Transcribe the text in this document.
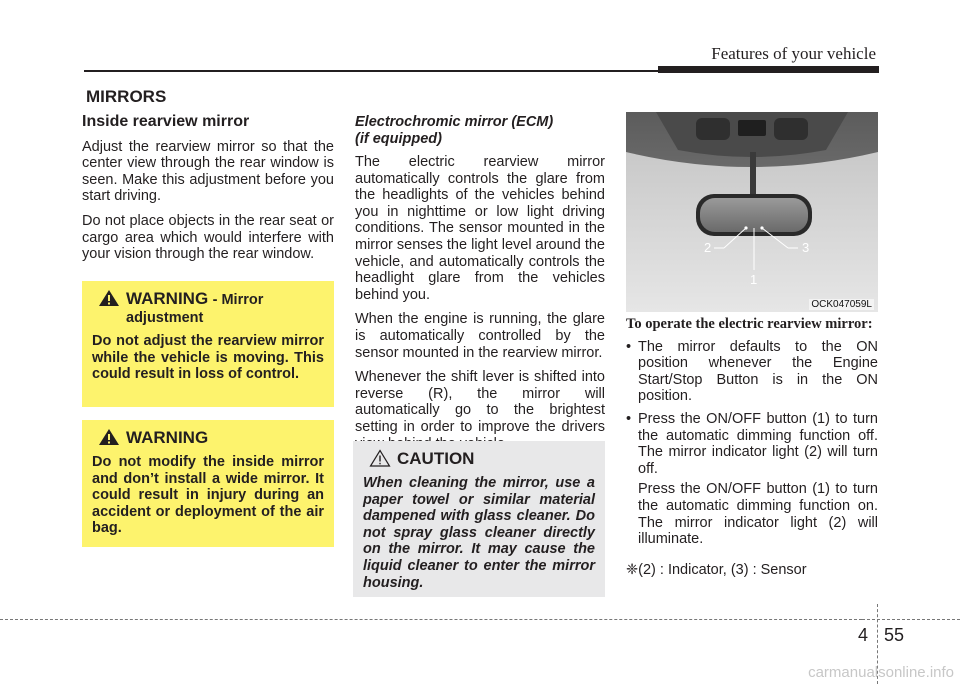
Features of your vehicle
MIRRORS
Inside rearview mirror

Adjust the rearview mirror so that the center view through the rear window is seen. Make this adjustment before you start driving.

Do not place objects in the rear seat or cargo area which would interfere with your vision through the rear window.

WARNING - Mirror adjustment
Do not adjust the rearview mirror while the vehicle is moving. This could result in loss of control.
WARNING
Do not modify the inside mirror and don’t install a wide mirror. It could result in injury during an accident or deployment of the air bag.
Electrochromic mirror (ECM)
(if equipped)

The electric rearview mirror automatically controls the glare from the headlights of the vehicles behind you in nighttime or low light driving conditions. The sensor mounted in the mirror senses the light level around the vehicle, and automatically controls the headlight glare from the vehicles behind you.

When the engine is running, the glare is automatically controlled by the sensor mounted in the rearview mirror.

Whenever the shift lever is shifted into reverse (R), the mirror will automatically go to the brightest setting in order to improve the drivers

CAUTION
When cleaning the mirror, use a paper towel or similar material dampened with glass cleaner. Do not spray glass cleaner directly on the mirror. It may cause the liquid cleaner to enter the mirror housing.
2	3
1
OCK047059L
To operate the electric rearview mirror:
• The mirror defaults to the ON position whenever the Engine Start/Stop Button is in the ON position.
• Press the ON/OFF button (1) to turn the automatic dimming function off. The mirror indicator light (2) will turn off.
Press the ON/OFF button (1) to turn the automatic dimming function on. The mirror indicator light (2) will illuminate.
❈(2) : Indicator, (3) : Sensor
4 55
carmanualsonline.info
